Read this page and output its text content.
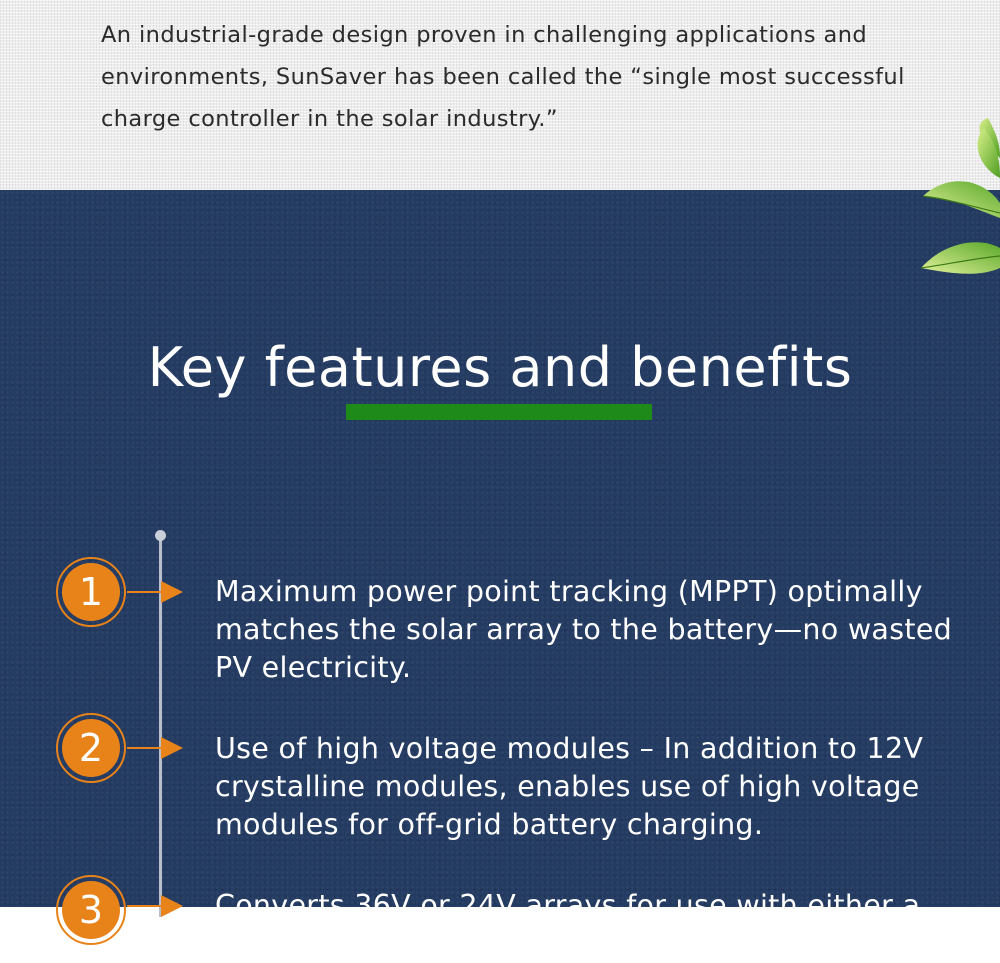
An industrial-grade design proven in challenging applications and environments, SunSaver has been called the “single most successful charge controller in the solar industry.”

Key features and benefits
1	Maximum power point tracking (MPPT) optimally matches the solar array to the battery—no wasted PV electricity.

2	Use of high voltage modules – In addition to 12V crystalline modules, enables use of high voltage modules for off-grid battery charging.

3	Converts 36V or 24V arrays for use with either a 24V
